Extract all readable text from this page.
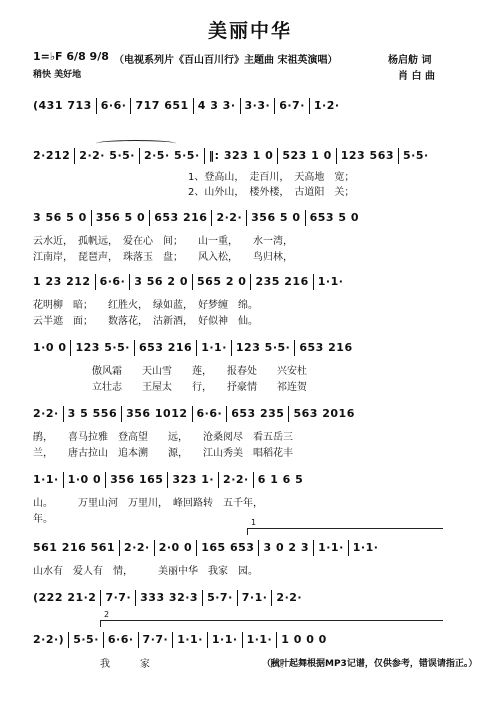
美丽中华
1=♭F 6/8 9/8 （电视系列片《百山百川行》主题曲 宋祖英演唱）	杨启舫 词
稍快 美好地	肖 白 曲
(431 713 6·6· 717 651 4 3 3· 3·3· 6·7· 1̇·2̇·
2̇·2̇12̇ 2·2· 5·5· 2·5· 5·5· ‖: 323 1 0 523 1 0 123 563 5·5·
1、登高山，　走百川，　天高地　宽；
2、山外山，　楼外楼，　古道阳　关；
3 56 5 0 356 5 0 653 216 2·2· 356 5 0 653 5 0
云水近，　孤帆远，　爱在心　间；　　山一重，　　水一湾，
江南岸，　琵琶声，　珠落玉　盘；　　风入松，　　鸟归林，
1 23 212 6·6· 3 56 2 0 565 2 0 235 216 1·1·
花明柳　暗；　　红胜火，　绿如蓝，　好梦缠　绵。
云半遮　面；　　数落花，　沽新酒，　好似神　仙。
1·0 0 123 5·5· 653 216 1·1· 123 5·5· 653 216
傲风霜　　天山雪　　莲，　　报春处　　兴安杜
立壮志　　王屋太　　行，　　抒豪情　　祁连贺
2·2· 3 5 556 356 1012 6·6· 653 235 563 2016
鹃，　　喜马拉雅　登高望　　远，　　沧桑阅尽　看五岳三
兰，　　唐古拉山　追本溯　　源，　　江山秀美　唱稻花丰
1·1· 1·0 0 356 165 323 1· 2·2· 6 1 6 5
山。　　　万里山河　万里川，　峰回路转　五千年，
年。	1
561 216 561 2·2· 2·0 0 165 653 3 0 2 3 1·1· 1·1·
山水有　爱人有　情，　　　美丽中华　我家　园。
(222 21·2 7·7· 333 32·3 5·7· 7·1· 2·2·
2
2·2·) 5·5· 6·6· 7·7· 1·1· 1·1· 1·1· 1 0 0 0
我　　　家　　　　　　　　　　　　园。
（秋叶起舞根据MP3记谱，仅供参考，错误请指正。）
